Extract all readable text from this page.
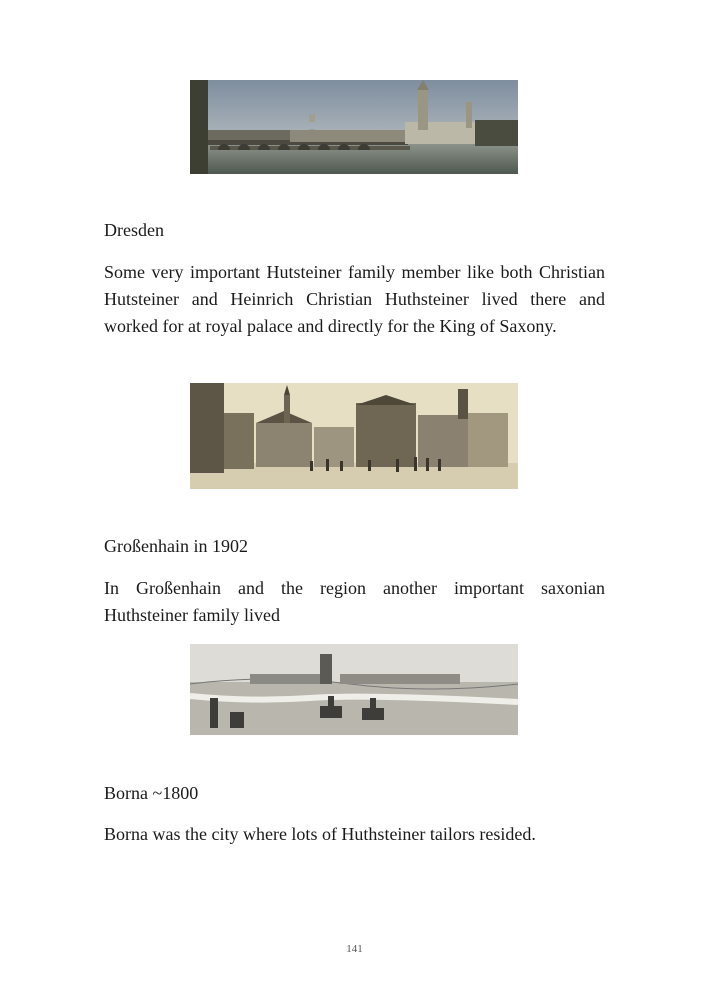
Dresden

Some very important Hutsteiner family member like both Christian Hutsteiner and Heinrich Christian Huthsteiner lived there and worked for at royal palace and directly for the King of Saxony.

Großenhain in 1902

In Großenhain and the region another important saxonian Huthsteiner family lived

Borna ~1800

Borna was the city where lots of Huthsteiner tailors resided.

141
